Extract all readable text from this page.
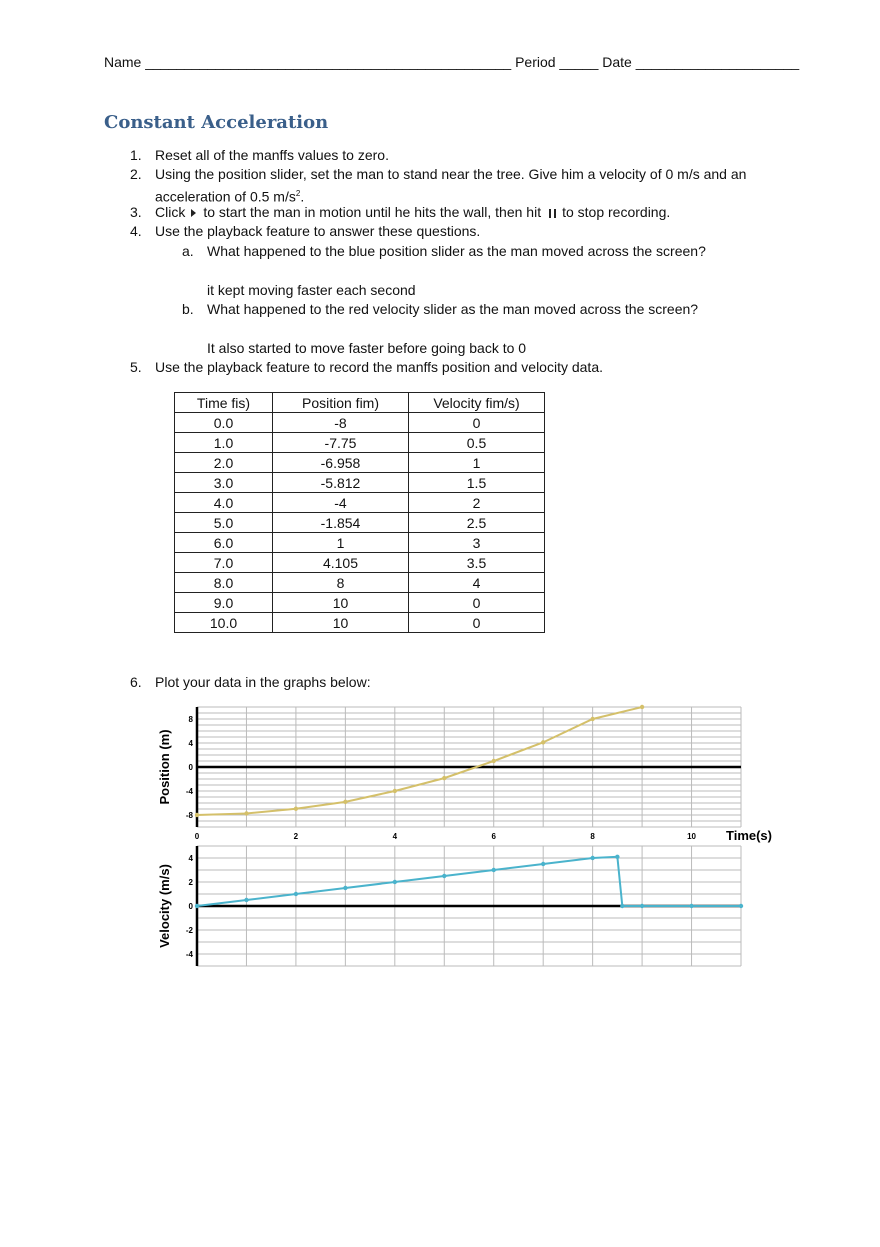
Name _______________________________________________ Period _____ Date _____________________
Constant Acceleration
1. Reset all of the manffs values to zero.
2. Using the position slider, set the man to stand near the tree. Give him a velocity of 0 m/s and an
acceleration of 0.5 $m/s^2$.
3. Click to start the man in motion until he hits the wall, then hit to stop recording.
4. Use the playback feature to answer these questions.
a. What happened to the blue position slider as the man moved across the screen?
it kept moving faster each second
b. What happened to the red velocity slider as the man moved across the screen?
It also started to move faster before going back to 0
5. Use the playback feature to record the manffs position and velocity data.
Time fis)	Position fim)	Velocity fim/s)
0.0	-8	0
1.0	-7.75	0.5
2.0	-6.958	1
3.0	-5.812	1.5
4.0	-4	2
5.0	-1.854	2.5
6.0	1	3
7.0	4.105	3.5
8.0	8	4
9.0	10	0
10.0	10	0
6. Plot your data in the graphs below:
8
4
0
-4
-8
Position (m)
0	2	4	6	8	10 Time(s)
4
2
0
-2
-4
Velocity (m/s)
